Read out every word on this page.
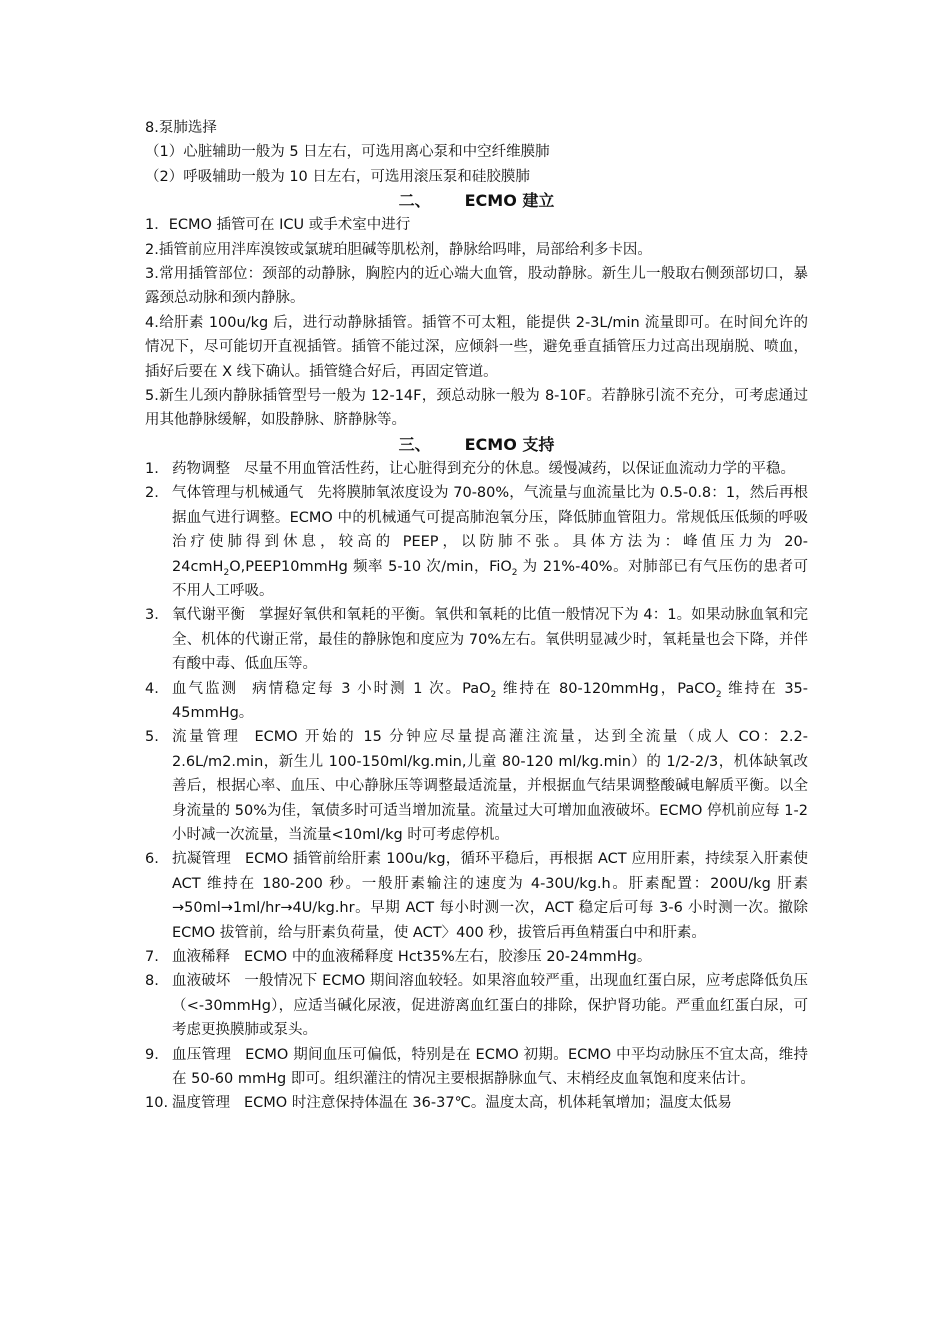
8.泵肺选择

（1）心脏辅助一般为 5 日左右，可选用离心泵和中空纤维膜肺

（2）呼吸辅助一般为 10 日左右，可选用滚压泵和硅胶膜肺

二、 ECMO 建立

1．ECMO 插管可在 ICU 或手术室中进行

2.插管前应用泮库溴铵或氯琥珀胆碱等肌松剂，静脉给吗啡，局部给利多卡因。

3.常用插管部位：颈部的动静脉，胸腔内的近心端大血管，股动静脉。新生儿一般取右侧颈部切口，暴露颈总动脉和颈内静脉。

4.给肝素 100u/kg 后，进行动静脉插管。插管不可太粗，能提供 2-3L/min 流量即可。在时间允许的情况下，尽可能切开直视插管。插管不能过深，应倾斜一些，避免垂直插管压力过高出现崩脱、喷血，插好后要在 X 线下确认。插管缝合好后，再固定管道。

5.新生儿颈内静脉插管型号一般为 12-14F，颈总动脉一般为 8-10F。若静脉引流不充分，可考虑通过用其他静脉缓解，如股静脉、脐静脉等。

三、 ECMO 支持
1. 药物调整 尽量不用血管活性药，让心脏得到充分的休息。缓慢减药，以保证血流动力学的平稳。
2. 气体管理与机械通气 先将膜肺氧浓度设为 70-80%，气流量与血流量比为 0.5-0.8：1，然后再根据血气进行调整。ECMO 中的机械通气可提高肺泡氧分压，降低肺血管阻力。常规低压低频的呼吸治疗使肺得到休息，较高的 PEEP，以防肺不张。具体方法为：峰值压力为 20-24cmH$_2$O,PEEP10mmHg 频率 5-10 次/min，FiO$_2$ 为 21%-40%。对肺部已有气压伤的患者可不用人工呼吸。
3. 氧代谢平衡 掌握好氧供和氧耗的平衡。氧供和氧耗的比值一般情况下为 4：1。如果动脉血氧和完全、机体的代谢正常，最佳的静脉饱和度应为 70%左右。氧供明显减少时，氧耗量也会下降，并伴有酸中毒、低血压等。
4. 血气监测 病情稳定每 3 小时测 1 次。PaO$_2$ 维持在 80-120mmHg，PaCO$_2$ 维持在 35-45mmHg。
5. 流量管理 ECMO 开始的 15 分钟应尽量提高灌注流量，达到全流量（成人 CO：2.2-2.6L/m2.min，新生儿 100-150ml/kg.min,儿童 80-120 ml/kg.min）的 1/2-2/3，机体缺氧改善后，根据心率、血压、中心静脉压等调整最适流量，并根据血气结果调整酸碱电解质平衡。以全身流量的 50%为佳，氧债多时可适当增加流量。流量过大可增加血液破坏。ECMO 停机前应每 1-2 小时减一次流量，当流量<10ml/kg 时可考虑停机。
6. 抗凝管理 ECMO 插管前给肝素 100u/kg，循环平稳后，再根据 ACT 应用肝素，持续泵入肝素使 ACT 维持在 180-200 秒。一般肝素输注的速度为 4-30U/kg.h。肝素配置：200U/kg 肝素→50ml→1ml/hr→4U/kg.hr。早期 ACT 每小时测一次，ACT 稳定后可每 3-6 小时测一次。撤除 ECMO 拔管前，给与肝素负荷量，使 ACT〉400 秒，拔管后再鱼精蛋白中和肝素。
7. 血液稀释 ECMO 中的血液稀释度 Hct35%左右，胶渗压 20-24mmHg。
8. 血液破坏 一般情况下 ECMO 期间溶血较轻。如果溶血较严重，出现血红蛋白尿，应考虑降低负压（<-30mmHg），应适当碱化尿液，促进游离血红蛋白的排除，保护肾功能。严重血红蛋白尿，可考虑更换膜肺或泵头。
9. 血压管理 ECMO 期间血压可偏低，特别是在 ECMO 初期。ECMO 中平均动脉压不宜太高，维持在 50-60 mmHg 即可。组织灌注的情况主要根据静脉血气、末梢经皮血氧饱和度来估计。
10. 温度管理 ECMO 时注意保持体温在 36-37℃。温度太高，机体耗氧增加；温度太低易
